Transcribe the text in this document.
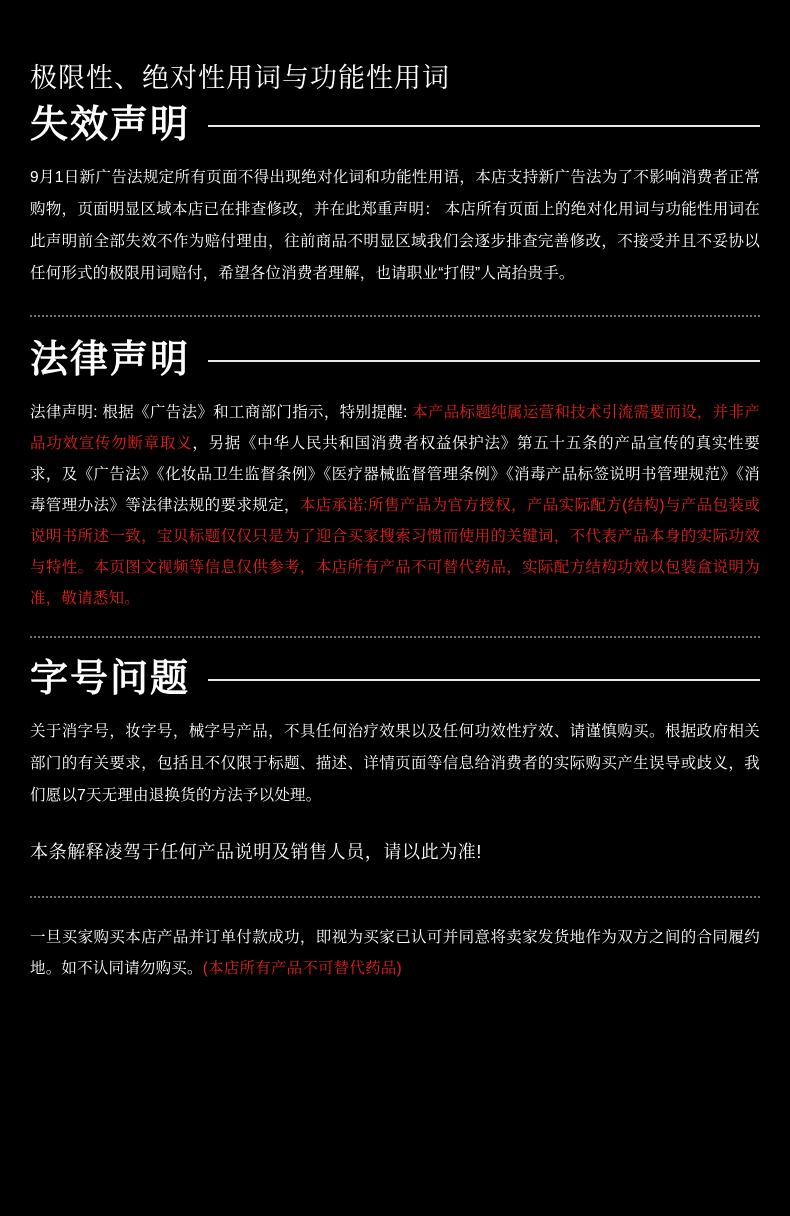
极限性、绝对性用词与功能性用词
失效声明

9月1日新广告法规定所有页面不得出现绝对化词和功能性用语，本店支持新广告法为了不影响消费者正常购物，页面明显区域本店已在排查修改，并在此郑重声明： 本店所有页面上的绝对化用词与功能性用词在此声明前全部失效不作为赔付理由，往前商品不明显区域我们会逐步排查完善修改，不接受并且不妥协以任何形式的极限用词赔付，希望各位消费者理解，也请职业“打假”人高抬贵手。

法律声明

法律声明: 根据《广告法》和工商部门指示，特别提醒: 本产品标题纯属运营和技术引流需要而设，并非产品功效宣传勿断章取义，另据《中华人民共和国消费者权益保护法》第五十五条的产品宣传的真实性要求，及《广告法》《化妆品卫生监督条例》《医疗器械监督管理条例》《消毒产品标签说明书管理规范》《消毒管理办法》等法律法规的要求规定，本店承诺:所售产品为官方授权，产品实际配方(结构)与产品包装或说明书所述一致，宝贝标题仅仅只是为了迎合买家搜索习惯而使用的关键词，不代表产品本身的实际功效与特性。本页图文视频等信息仅供参考，本店所有产品不可替代药品，实际配方结构功效以包装盒说明为准，敬请悉知。

字号问题

关于消字号，妆字号，械字号产品，不具任何治疗效果以及任何功效性疗效、请谨慎购买。根据政府相关部门的有关要求，包括且不仅限于标题、描述、详情页面等信息给消费者的实际购买产生误导或歧义，我们愿以7天无理由退换货的方法予以处理。

本条解释凌驾于任何产品说明及销售人员，请以此为准!

一旦买家购买本店产品并订单付款成功，即视为买家已认可并同意将卖家发货地作为双方之间的合同履约地。如不认同请勿购买。(本店所有产品不可替代药品)
